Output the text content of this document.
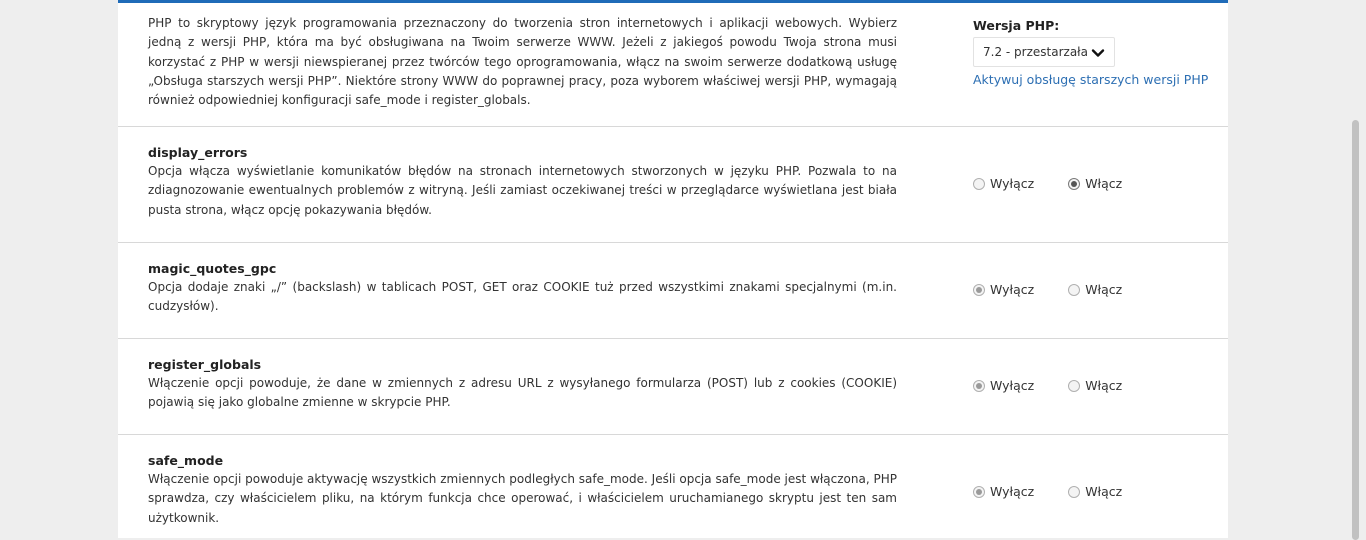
PHP to skryptowy język programowania przeznaczony do tworzenia stron internetowych i aplikacji webowych. Wybierz jedną z wersji PHP, która ma być obsługiwana na Twoim serwerze WWW. Jeżeli z jakiegoś powodu Twoja strona musi korzystać z PHP w wersji niewspieranej przez twórców tego oprogramowania, włącz na swoim serwerze dodatkową usługę „Obsługa starszych wersji PHP”. Niektóre strony WWW do poprawnej pracy, poza wyborem właściwej wersji PHP, wymagają również odpowiedniej konfiguracji safe_mode i register_globals.
Wersja PHP:
7.2 - przestarzała
Aktywuj obsługę starszych wersji PHP
display_errors
Opcja włącza wyświetlanie komunikatów błędów na stronach internetowych stworzonych w języku PHP. Pozwala to na zdiagnozowanie ewentualnych problemów z witryną. Jeśli zamiast oczekiwanej treści w przeglądarce wyświetlana jest biała pusta strona, włącz opcję pokazywania błędów.
Wyłącz	Włącz
magic_quotes_gpc
Opcja dodaje znaki „/” (backslash) w tablicach POST, GET oraz COOKIE tuż przed wszystkimi znakami specjalnymi (m.in. cudzysłów).
Wyłącz	Włącz
register_globals
Włączenie opcji powoduje, że dane w zmiennych z adresu URL z wysyłanego formularza (POST) lub z cookies (COOKIE) pojawią się jako globalne zmienne w skrypcie PHP.
Wyłącz	Włącz
safe_mode
Włączenie opcji powoduje aktywację wszystkich zmiennych podległych safe_mode. Jeśli opcja safe_mode jest włączona, PHP sprawdza, czy właścicielem pliku, na którym funkcja chce operować, i właścicielem uruchamianego skryptu jest ten sam użytkownik.
Wyłącz	Włącz
